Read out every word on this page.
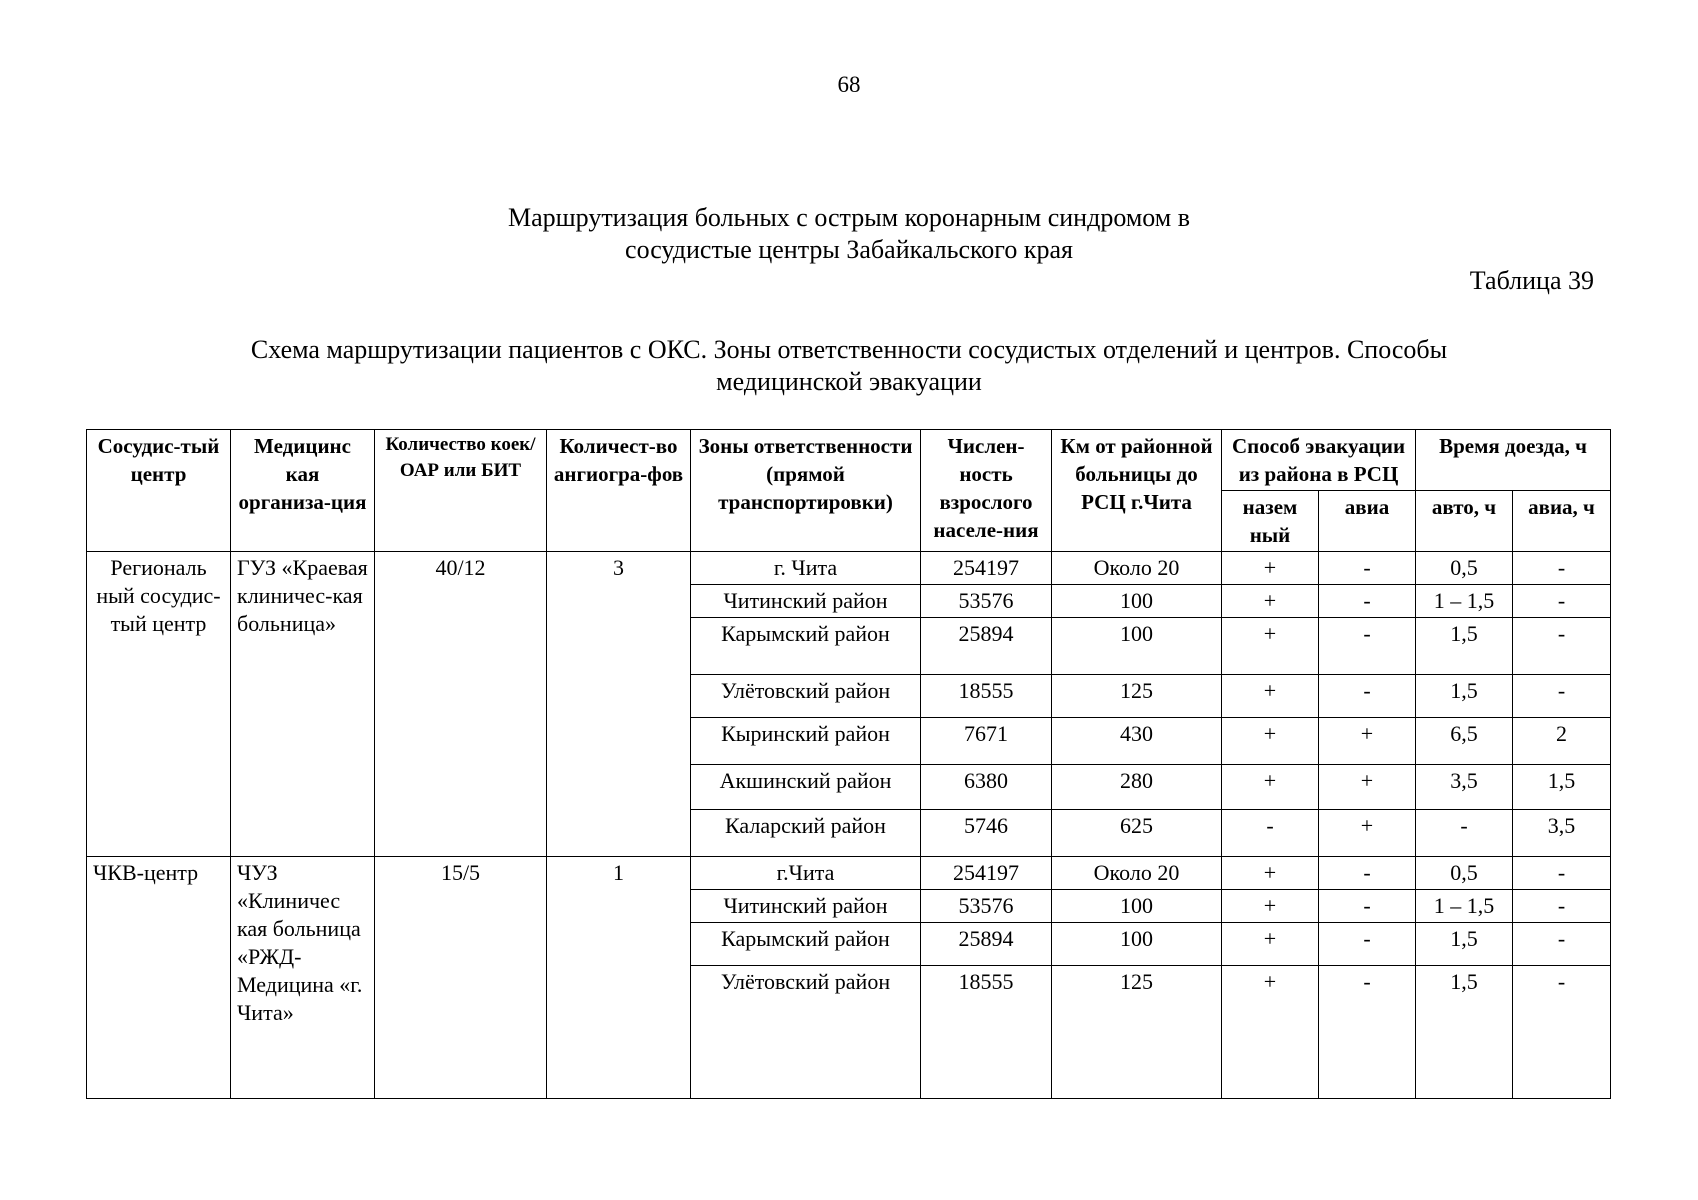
68
Маршрутизация больных с острым коронарным синдромом в
сосудистые центры Забайкальского края
Таблица 39
Схема маршрутизации пациентов с ОКС. Зоны ответственности сосудистых отделений и центров. Способы
медицинской эвакуации
Сосудис-тый центр	Медицинс кая организа-ция	Количество коек/ОАР или БИТ	Количест-во ангиогра-фов	Зоны ответственности (прямой транспортировки)	Числен-ность взрослого населе-ния	Км от районной больницы до РСЦ г.Чита	Способ эвакуации из района в РСЦ		Время доезда, ч	
							назем ный	авиа	авто, ч	авиа, ч
Региональ ный сосудис-тый центр	ГУЗ «Краевая клиничес-кая больница»	40/12	3	г. Чита	254197	Около 20	+	-	0,5	-
				Читинский район	53576	100	+	-	1 – 1,5	-
				Карымский район	25894	100	+	-	1,5	-
				Улётовский район	18555	125	+	-	1,5	-
				Кыринский район	7671	430	+	+	6,5	2
				Акшинский район	6380	280	+	+	3,5	1,5
				Каларский район	5746	625	-	+	-	3,5
ЧКВ-центр	ЧУЗ «Клиничес кая больница «РЖД-Медицина «г. Чита»	15/5	1	г.Чита	254197	Около 20	+	-	0,5	-
				Читинский район	53576	100	+	-	1 – 1,5	-
				Карымский район	25894	100	+	-	1,5	-
				Улётовский район	18555	125	+	-	1,5	-
